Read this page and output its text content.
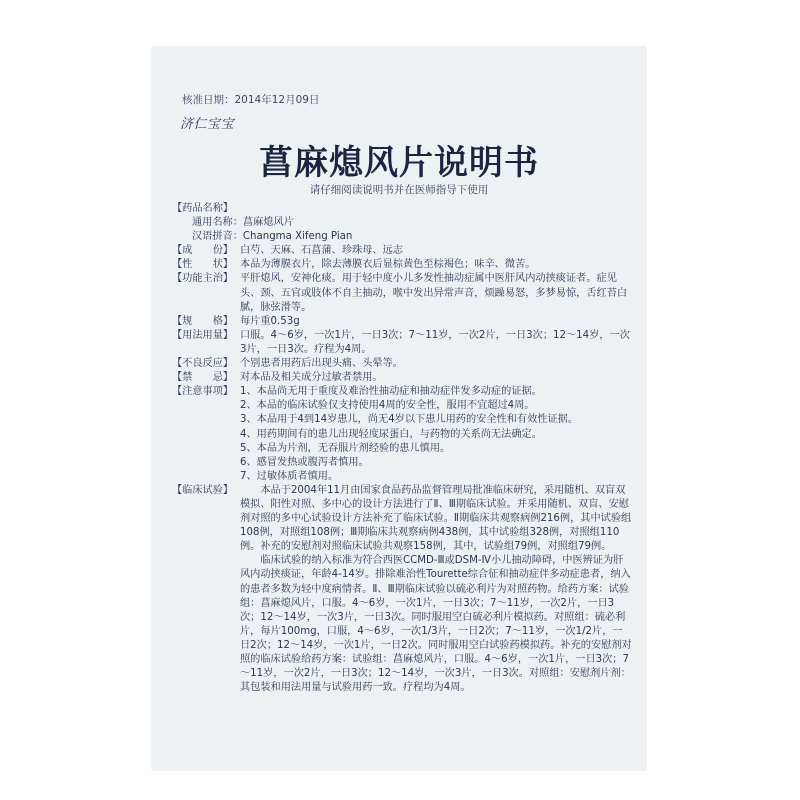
核准日期：2014年12月09日
济仁宝宝
菖麻熄风片说明书
请仔细阅读说明书并在医师指导下使用
【药品名称】
通用名称：菖麻熄风片
汉语拼音：Changma Xifeng Pian
【成　　份】 白芍、天麻、石菖蒲、珍珠母、远志
【性　　状】 本品为薄膜衣片，除去薄膜衣后显棕黄色至棕褐色；味辛、微苦。
【功能主治】 平肝熄风，安神化痰。用于轻中度小儿多发性抽动症属中医肝风内动挟痰证者。症见头、颈、五官或肢体不自主抽动，喉中发出异常声音，烦躁易怒，多梦易惊，舌红苔白腻，脉弦滑等。
【规　　格】 每片重0.53g
【用法用量】 口服。4～6岁，一次1片，一日3次；7～11岁，一次2片，一日3次；12～14岁，一次3片，一日3次。疗程为4周。
【不良反应】 个别患者用药后出现头痛、头晕等。
【禁　　忌】 对本品及相关成分过敏者禁用。
【注意事项】 1、本品尚无用于重度及难治性抽动症和抽动症伴发多动症的证据。
2、本品的临床试验仅支持使用4周的安全性，服用不宜超过4周。
3、本品用于4到14岁患儿，尚无4岁以下患儿用药的安全性和有效性证据。
4、用药期间有的患儿出现轻度尿蛋白，与药物的关系尚无法确定。
5、本品为片剂，无吞服片剂经验的患儿慎用。
6、感冒发热或腹泻者慎用。
7、过敏体质者慎用。
【临床试验】	本品于2004年11月由国家食品药品监督管理局批准临床研究，采用随机、双盲双模拟、阳性对照、多中心的设计方法进行了Ⅱ、Ⅲ期临床试验。并采用随机、双盲、安慰剂对照的多中心试验设计方法补充了临床试验。Ⅱ期临床共观察病例216例，其中试验组108例，对照组108例；Ⅲ期临床共观察病例438例，其中试验组328例，对照组110例。补充的安慰剂对照临床试验共观察158例，其中，试验组79例，对照组79例。
临床试验的纳入标准为符合西医CCMD-Ⅲ或DSM-Ⅳ小儿抽动障碍，中医辨证为肝风内动挟痰证，年龄4-14岁。排除难治性Tourette综合征和抽动症伴多动症患者，纳入的患者多数为轻中度病情者。Ⅱ、Ⅲ期临床试验以硫必利片为对照药物。给药方案：试验组：菖麻熄风片，口服。4～6岁，一次1片，一日3次；7～11岁，一次2片，一日3次；12～14岁，一次3片，一日3次。同时服用空白硫必利片模拟药。对照组：硫必利片，每片100mg，口服，4～6岁，一次1/3片，一日2次；7～11岁，一次1/2片，一日2次；12～14岁，一次1片，一日2次。同时服用空白试验药模拟药。补充的安慰剂对照的临床试验给药方案：试验组：菖麻熄风片，口服。4～6岁，一次1片，一日3次；7～11岁，一次2片，一日3次；12～14岁，一次3片，一日3次。对照组：安慰剂片剂：其包装和用法用量与试验用药一致。疗程均为4周。
